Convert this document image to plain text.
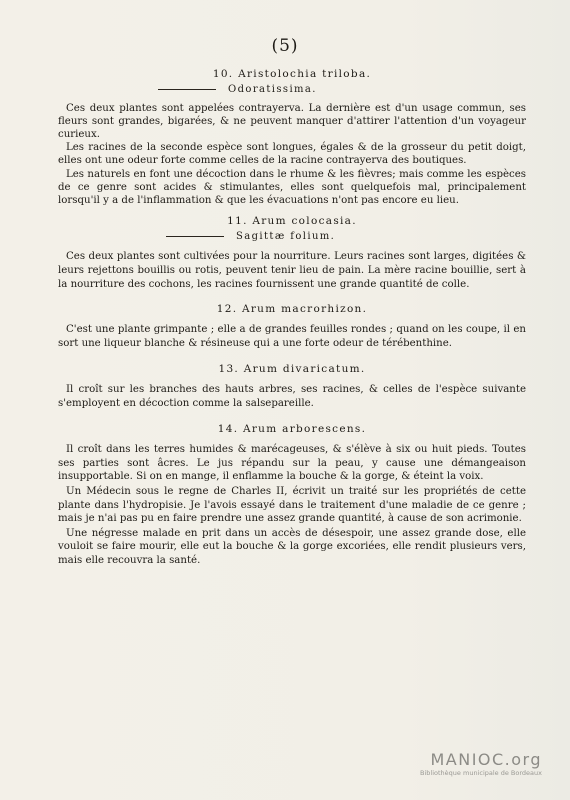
(5)

10. Aristolochia triloba.

Odoratissima.

Ces deux plantes sont appelées contrayerva. La dernière est d'un usage commun, ses fleurs sont grandes, bigarées, & ne peuvent manquer d'attirer l'attention d'un voyageur curieux.

Les racines de la seconde espèce sont longues, égales & de la grosseur du petit doigt, elles ont une odeur forte comme celles de la racine contrayerva des boutiques.

Les naturels en font une décoction dans le rhume & les fièvres; mais comme les espèces de ce genre sont acides & stimulantes, elles sont quelquefois mal, principalement lorsqu'il y a de l'inflammation & que les évacuations n'ont pas encore eu lieu.

11. Arum colocasia.

Sagittæ folium.

Ces deux plantes sont cultivées pour la nourriture. Leurs racines sont larges, digitées & leurs rejettons bouillis ou rotis, peuvent tenir lieu de pain. La mère racine bouillie, sert à la nourriture des cochons, les racines fournissent une grande quantité de colle.

12. Arum macrorhizon.

C'est une plante grimpante ; elle a de grandes feuilles rondes ; quand on les coupe, il en sort une liqueur blanche & résineuse qui a une forte odeur de térébenthine.

13. Arum divaricatum.

Il croît sur les branches des hauts arbres, ses racines, & celles de l'espèce suivante s'employent en décoction comme la salsepareille.

14. Arum arborescens.

Il croît dans les terres humides & marécageuses, & s'élève à six ou huit pieds. Toutes ses parties sont âcres. Le jus répandu sur la peau, y cause une démangeaison insupportable. Si on en mange, il enflamme la bouche & la gorge, & éteint la voix.

Un Médecin sous le regne de Charles II, écrivit un traité sur les propriétés de cette plante dans l'hydropisie. Je l'avois essayé dans le traitement d'une maladie de ce genre ; mais je n'ai pas pu en faire prendre une assez grande quantité, à cause de son acrimonie.

Une négresse malade en prit dans un accès de désespoir, une assez grande dose, elle vouloit se faire mourir, elle eut la bouche & la gorge excoriées, elle rendit plusieurs vers, mais elle recouvra la santé.

MANIOC.org
Bibliothèque municipale de Bordeaux
